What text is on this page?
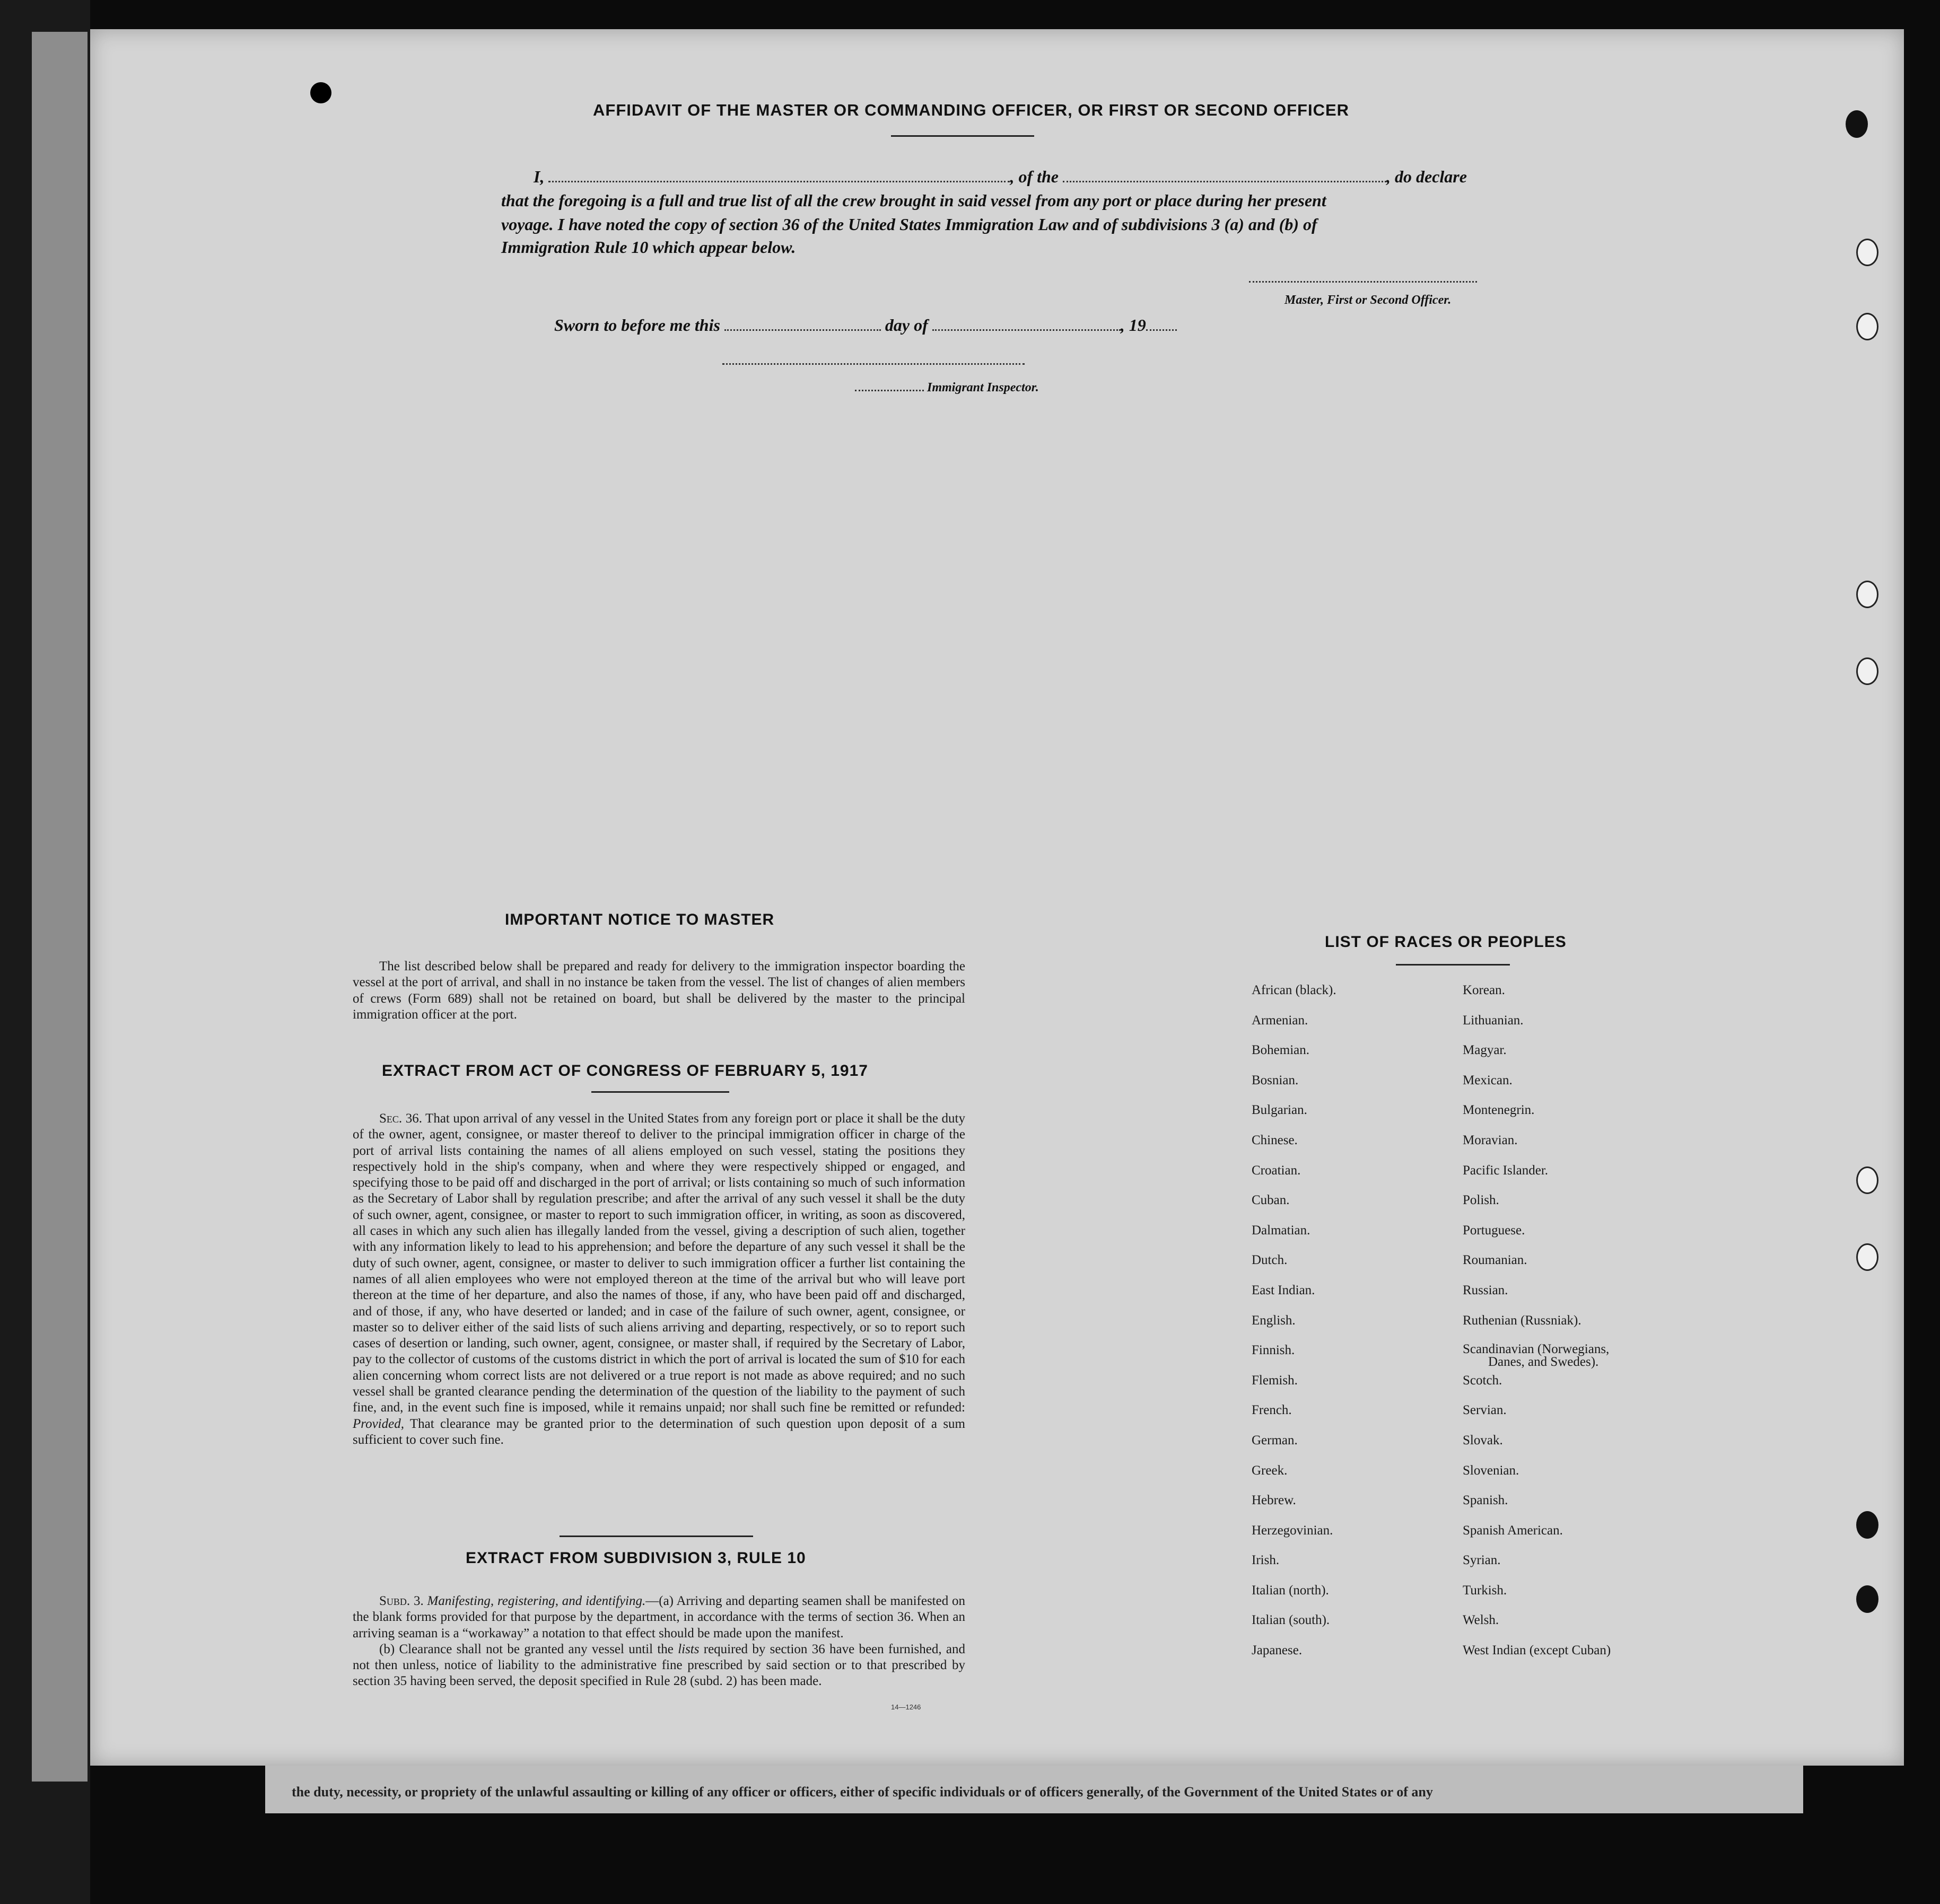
the duty, necessity, or propriety of the unlawful assaulting or killing of any officer or officers, either of specific individuals or of officers generally, of the Government of the United States or of any
AFFIDAVIT OF THE MASTER OR COMMANDING OFFICER, OR FIRST OR SECOND OFFICER
I,	, of the	, do declare
that the foregoing is a full and true list of all the crew brought in said vessel from any port or place during her present
voyage. I have noted the copy of section 36 of the United States Immigration Law and of subdivisions 3 (a) and (b) of
Immigration Rule 10 which appear below.
Master, First or Second Officer.
Sworn to before me this	day of	, 19
Immigrant Inspector.
IMPORTANT NOTICE TO MASTER

The list described below shall be prepared and ready for delivery to the immigration inspector boarding the vessel at the port of arrival, and shall in no instance be taken from the vessel. The list of changes of alien members of crews (Form 689) shall not be retained on board, but shall be delivered by the master to the principal immigration officer at the port.

EXTRACT FROM ACT OF CONGRESS OF FEBRUARY 5, 1917

Sec. 36. That upon arrival of any vessel in the United States from any foreign port or place it shall be the duty of the owner, agent, consignee, or master thereof to deliver to the principal immigration officer in charge of the port of arrival lists containing the names of all aliens employed on such vessel, stating the positions they respectively hold in the ship's company, when and where they were respectively shipped or engaged, and specifying those to be paid off and discharged in the port of arrival; or lists containing so much of such information as the Secretary of Labor shall by regulation prescribe; and after the arrival of any such vessel it shall be the duty of such owner, agent, consignee, or master to report to such immigration officer, in writing, as soon as discovered, all cases in which any such alien has illegally landed from the vessel, giving a description of such alien, together with any information likely to lead to his apprehension; and before the departure of any such vessel it shall be the duty of such owner, agent, consignee, or master to deliver to such immigration officer a further list containing the names of all alien employees who were not employed thereon at the time of the arrival but who will leave port thereon at the time of her departure, and also the names of those, if any, who have been paid off and discharged, and of those, if any, who have deserted or landed; and in case of the failure of such owner, agent, consignee, or master so to deliver either of the said lists of such aliens arriving and departing, respectively, or so to report such cases of desertion or landing, such owner, agent, consignee, or master shall, if required by the Secretary of Labor, pay to the collector of customs of the customs district in which the port of arrival is located the sum of $10 for each alien concerning whom correct lists are not delivered or a true report is not made as above required; and no such vessel shall be granted clearance pending the determination of the question of the liability to the payment of such fine, and, in the event such fine is imposed, while it remains unpaid; nor shall such fine be remitted or refunded: Provided, That clearance may be granted prior to the determination of such question upon deposit of a sum sufficient to cover such fine.

EXTRACT FROM SUBDIVISION 3, RULE 10

Subd. 3. Manifesting, registering, and identifying.—(a) Arriving and departing seamen shall be manifested on the blank forms provided for that purpose by the department, in accordance with the terms of section 36. When an arriving seaman is a “workaway” a notation to that effect should be made upon the manifest.

(b) Clearance shall not be granted any vessel until the lists required by section 36 have been furnished, and not then unless, notice of liability to the administrative fine prescribed by said section or to that prescribed by section 35 having been served, the deposit specified in Rule 28 (subd. 2) has been made.

14—1246
LIST OF RACES OR PEOPLES
African (black).
Armenian.
Bohemian.
Bosnian.
Bulgarian.
Chinese.
Croatian.
Cuban.
Dalmatian.
Dutch.
East Indian.
English.
Finnish.
Flemish.
French.
German.
Greek.
Hebrew.
Herzegovinian.
Irish.
Italian (north).
Italian (south).
Japanese.
Korean.
Lithuanian.
Magyar.
Mexican.
Montenegrin.
Moravian.
Pacific Islander.
Polish.
Portuguese.
Roumanian.
Russian.
Ruthenian (Russniak).
Scandinavian (Norwegians,
Danes, and Swedes).
Scotch.
Servian.
Slovak.
Slovenian.
Spanish.
Spanish American.
Syrian.
Turkish.
Welsh.
West Indian (except Cuban)
